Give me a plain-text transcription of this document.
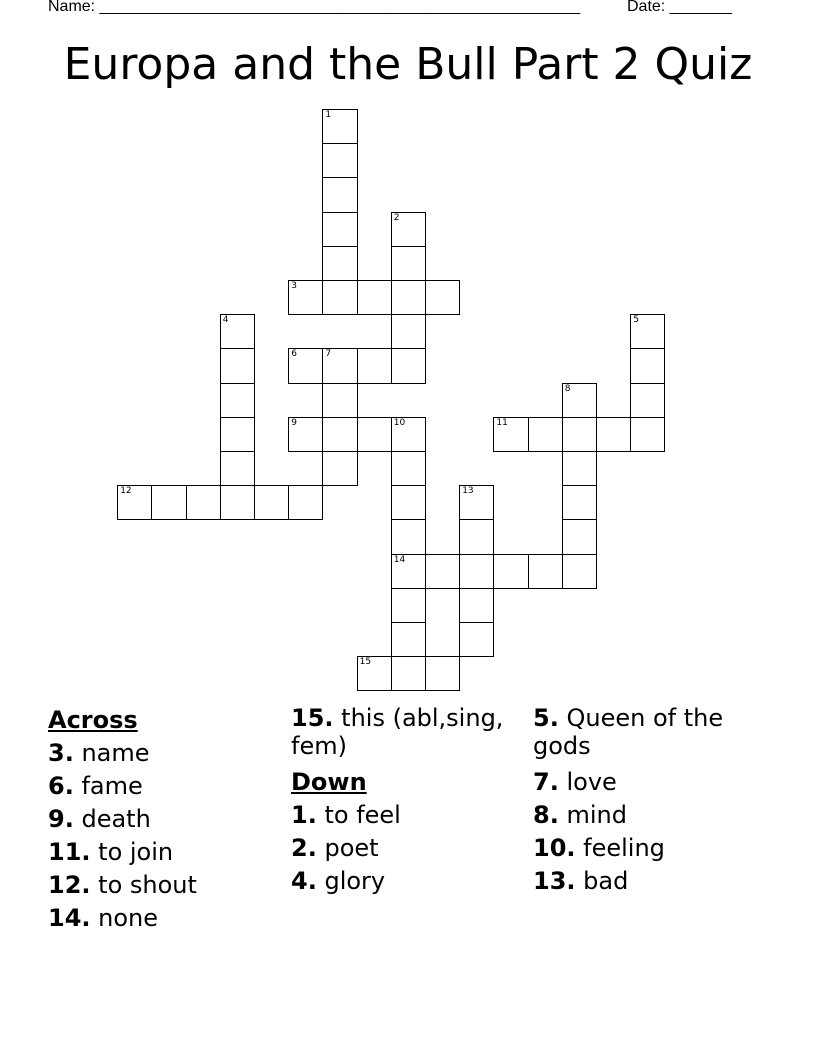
Name: ______________________________________________________	Date: _______
Europa and the Bull Part 2 Quiz
1
2
3
4	5
6	7
8
9	10
14
11
12	13
15
Across
3. name
6. fame
9. death
11. to join
12. to shout
14. none
15. this (abl,sing, fem)
Down
1. to feel
2. poet
4. glory
5. Queen of the gods
7. love
8. mind
10. feeling
13. bad
